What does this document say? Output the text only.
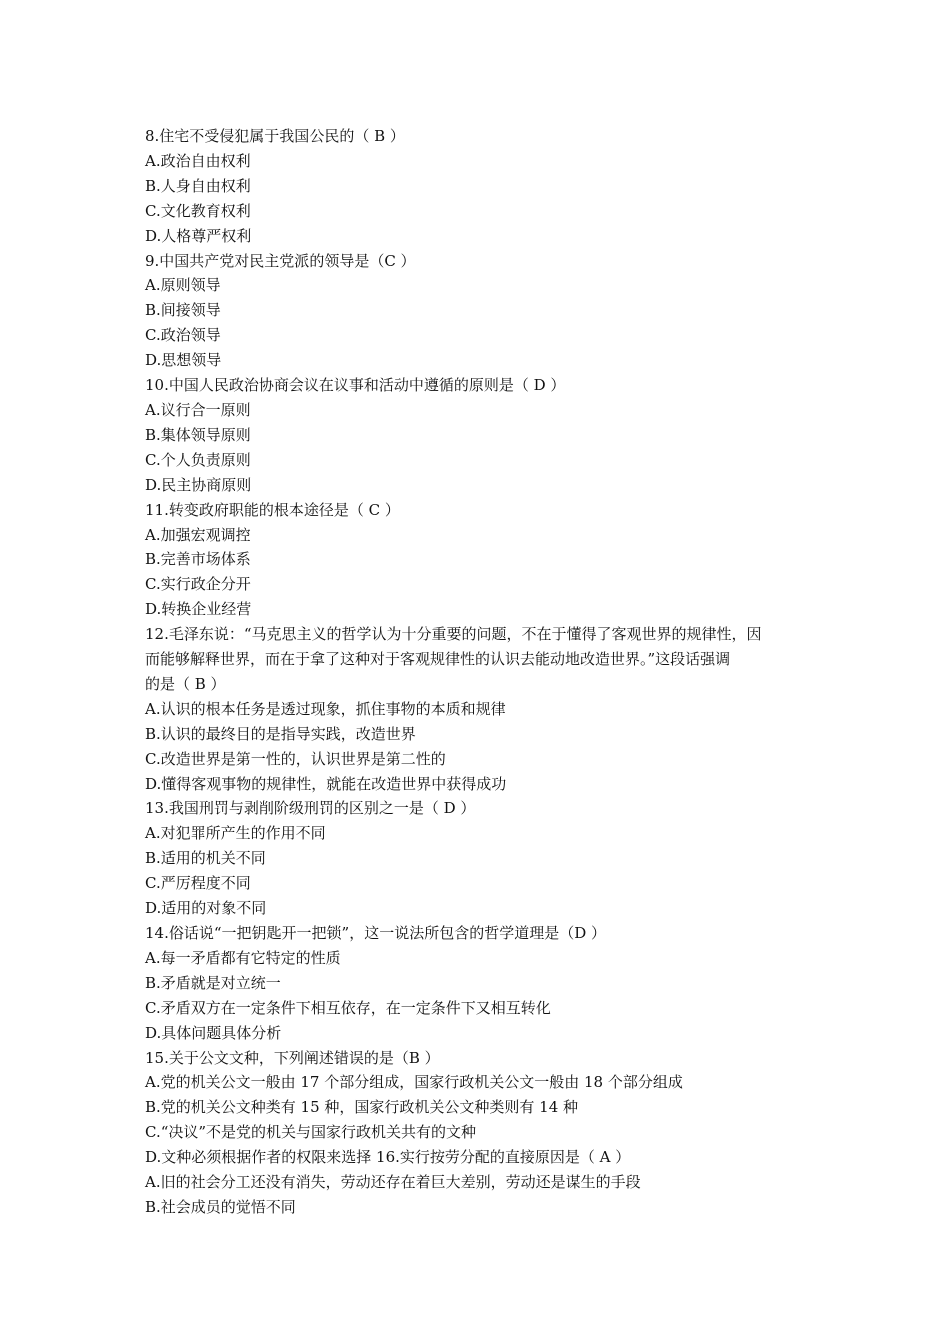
8.住宅不受侵犯属于我国公民的（ B ）
A.政治自由权利
B.人身自由权利
C.文化教育权利
D.人格尊严权利
9.中国共产党对民主党派的领导是（C ）
A.原则领导
B.间接领导
C.政治领导
D.思想领导
10.中国人民政治协商会议在议事和活动中遵循的原则是（ D ）
A.议行合一原则
B.集体领导原则
C.个人负责原则
D.民主协商原则
11.转变政府职能的根本途径是（ C ）
A.加强宏观调控
B.完善市场体系
C.实行政企分开
D.转换企业经营
12.毛泽东说：“马克思主义的哲学认为十分重要的问题，不在于懂得了客观世界的规律性，因
而能够解释世界，而在于拿了这种对于客观规律性的认识去能动地改造世界。”这段话强调
的是（ B ）
A.认识的根本任务是透过现象，抓住事物的本质和规律
B.认识的最终目的是指导实践，改造世界
C.改造世界是第一性的，认识世界是第二性的
D.懂得客观事物的规律性，就能在改造世界中获得成功
13.我国刑罚与剥削阶级刑罚的区别之一是（ D ）
A.对犯罪所产生的作用不同
B.适用的机关不同
C.严厉程度不同
D.适用的对象不同
14.俗话说“一把钥匙开一把锁”，这一说法所包含的哲学道理是（D ）
A.每一矛盾都有它特定的性质
B.矛盾就是对立统一
C.矛盾双方在一定条件下相互依存，在一定条件下又相互转化
D.具体问题具体分析
15.关于公文文种，下列阐述错误的是（B ）
A.党的机关公文一般由 17 个部分组成，国家行政机关公文一般由 18 个部分组成
B.党的机关公文种类有 15 种，国家行政机关公文种类则有 14 种
C.“决议”不是党的机关与国家行政机关共有的文种
D.文种必须根据作者的权限来选择 16.实行按劳分配的直接原因是（ A ）
A.旧的社会分工还没有消失，劳动还存在着巨大差别，劳动还是谋生的手段
B.社会成员的觉悟不同
